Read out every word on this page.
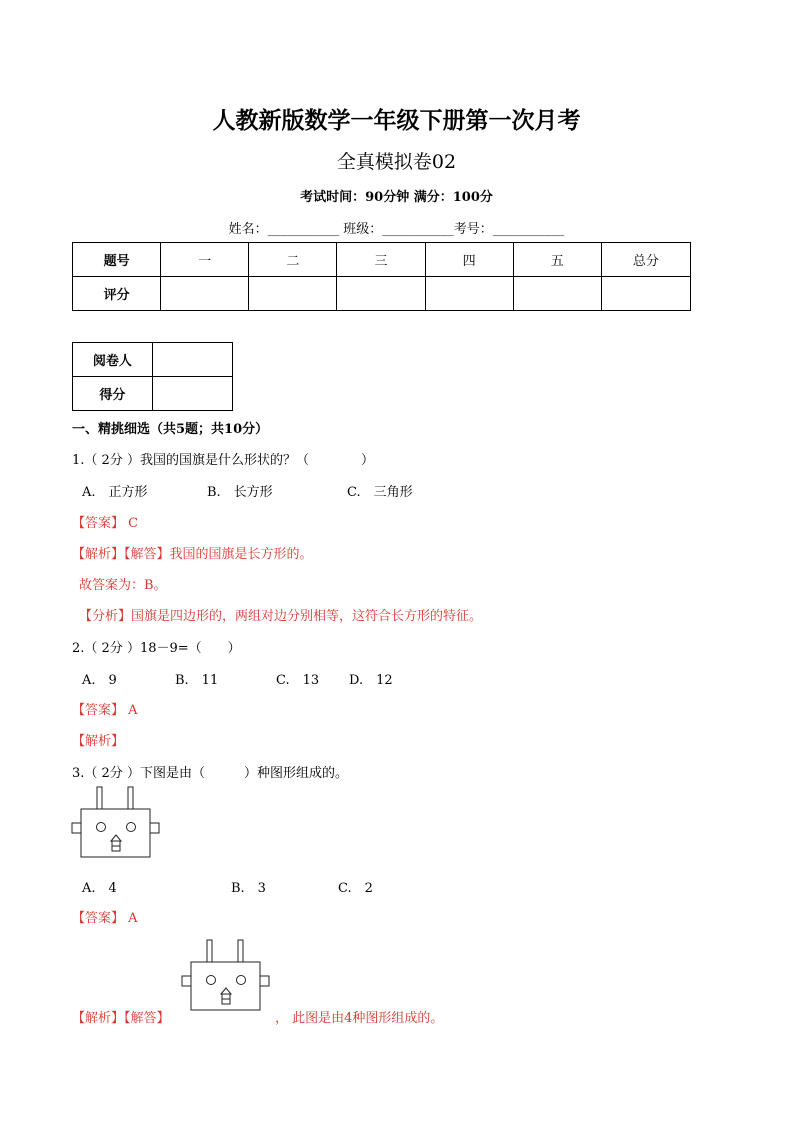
人教新版数学一年级下册第一次月考
全真模拟卷02
考试时间：90分钟 满分：100分
姓名：___________ 班级：___________考号：___________
题号	一	二	三	四	五	总分
评分						
阅卷人	
得分	
一、精挑细选（共5题；共10分）
1.（ 2分 ）我国的国旗是什么形状的？（　　　　）
A.　正方形	B.　长方形	C.　三角形
【答案】 C
【解析】【解答】我国的国旗是长方形的。
故答案为：B。
【分析】国旗是四边形的，两组对边分别相等，这符合长方形的特征。
2.（ 2分 ）18－9=（　　）
A.　9	B.　11	C.　13 D.　12
【答案】 A
【解析】
3.（ 2分 ）下图是由（　　　）种图形组成的。
A.　4	B.　3	C.　2
【答案】 A
【解析】【解答】	， 此图是由4种图形组成的。
